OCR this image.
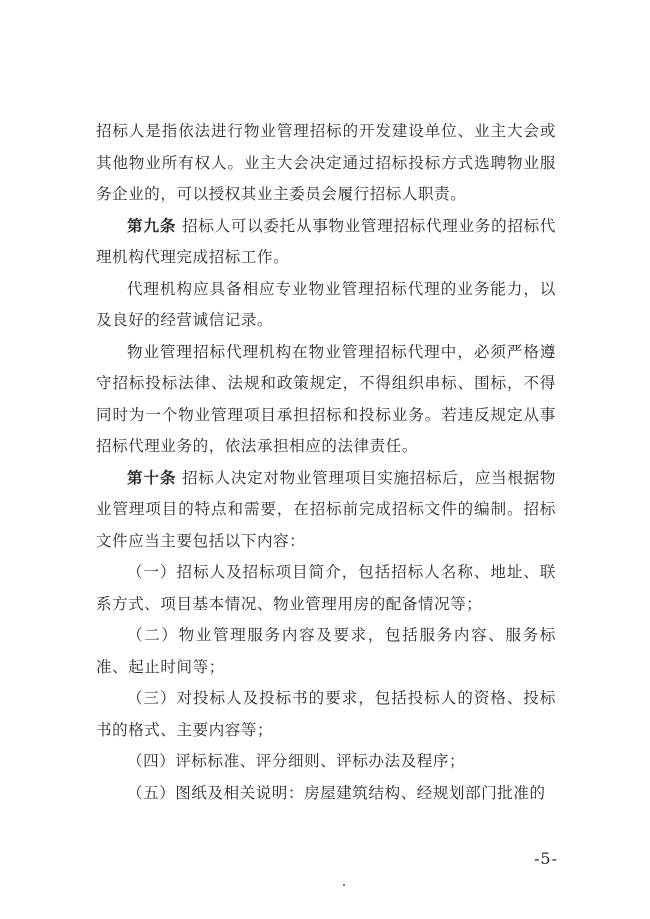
招标人是指依法进行物业管理招标的开发建设单位、业主大会或其他物业所有权人。业主大会决定通过招标投标方式选聘物业服务企业的，可以授权其业主委员会履行招标人职责。

第九条 招标人可以委托从事物业管理招标代理业务的招标代理机构代理完成招标工作。

代理机构应具备相应专业物业管理招标代理的业务能力，以及良好的经营诚信记录。

物业管理招标代理机构在物业管理招标代理中，必须严格遵守招标投标法律、法规和政策规定，不得组织串标、围标，不得同时为一个物业管理项目承担招标和投标业务。若违反规定从事招标代理业务的，依法承担相应的法律责任。

第十条 招标人决定对物业管理项目实施招标后，应当根据物业管理项目的特点和需要，在招标前完成招标文件的编制。招标文件应当主要包括以下内容：

（一）招标人及招标项目简介，包括招标人名称、地址、联系方式、项目基本情况、物业管理用房的配备情况等；

（二）物业管理服务内容及要求，包括服务内容、服务标准、起止时间等；

（三）对投标人及投标书的要求，包括投标人的资格、投标书的格式、主要内容等；

（四）评标标准、评分细则、评标办法及程序；

（五）图纸及相关说明：房屋建筑结构、经规划部门批准的

-5-
